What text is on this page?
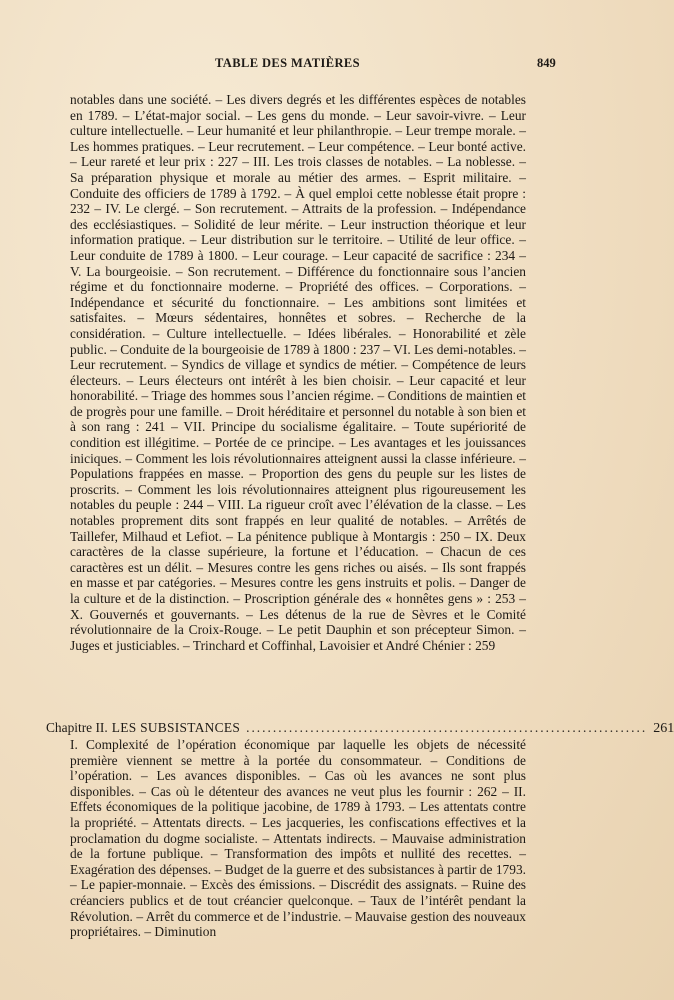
TABLE DES MATIÈRES	849
notables dans une société. – Les divers degrés et les différentes espèces de notables en 1789. – L’état-major social. – Les gens du monde. – Leur savoir-vivre. – Leur culture intellectuelle. – Leur humanité et leur philanthropie. – Leur trempe morale. – Les hommes pratiques. – Leur recrutement. – Leur compétence. – Leur bonté active. – Leur rareté et leur prix : 227 – III. Les trois classes de notables. – La noblesse. – Sa préparation physique et morale au métier des armes. – Esprit militaire. – Conduite des officiers de 1789 à 1792. – À quel emploi cette noblesse était propre : 232 – IV. Le clergé. – Son recrutement. – Attraits de la profession. – Indépendance des ecclésiastiques. – Solidité de leur mérite. – Leur instruction théorique et leur information pratique. – Leur distribution sur le territoire. – Utilité de leur office. – Leur conduite de 1789 à 1800. – Leur courage. – Leur capacité de sacrifice : 234 – V. La bourgeoisie. – Son recrutement. – Différence du fonctionnaire sous l’ancien régime et du fonctionnaire moderne. – Propriété des offices. – Corporations. – Indépendance et sécurité du fonctionnaire. – Les ambitions sont limitées et satisfaites. – Mœurs sédentaires, honnêtes et sobres. – Recherche de la considération. – Culture intellectuelle. – Idées libérales. – Honorabilité et zèle public. – Conduite de la bourgeoisie de 1789 à 1800 : 237 – VI. Les demi-notables. – Leur recrutement. – Syndics de village et syndics de métier. – Compétence de leurs électeurs. – Leurs électeurs ont intérêt à les bien choisir. – Leur capacité et leur honorabilité. – Triage des hommes sous l’ancien régime. – Conditions de maintien et de progrès pour une famille. – Droit héréditaire et personnel du notable à son bien et à son rang : 241 – VII. Principe du socialisme égalitaire. – Toute supériorité de condition est illégitime. – Portée de ce principe. – Les avantages et les jouissances iniciques. – Comment les lois révolutionnaires atteignent aussi la classe inférieure. – Populations frappées en masse. – Proportion des gens du peuple sur les listes de proscrits. – Comment les lois révolutionnaires atteignent plus rigoureusement les notables du peuple : 244 – VIII. La rigueur croît avec l’élévation de la classe. – Les notables proprement dits sont frappés en leur qualité de notables. – Arrêtés de Taillefer, Milhaud et Lefiot. – La pénitence publique à Montargis : 250 – IX. Deux caractères de la classe supérieure, la fortune et l’éducation. – Chacun de ces caractères est un délit. – Mesures contre les gens riches ou aisés. – Ils sont frappés en masse et par catégories. – Mesures contre les gens instruits et polis. – Danger de la culture et de la distinction. – Proscription générale des « honnêtes gens » : 253 – X. Gouvernés et gouvernants. – Les détenus de la rue de Sèvres et le Comité révolutionnaire de la Croix-Rouge. – Le petit Dauphin et son précepteur Simon. – Juges et justiciables. – Trinchard et Coffinhal, Lavoisier et André Chénier : 259
Chapitre II. LES SUBSISTANCES ........................................................................... 261
I. Complexité de l’opération économique par laquelle les objets de nécessité première viennent se mettre à la portée du consommateur. – Conditions de l’opération. – Les avances disponibles. – Cas où les avances ne sont plus disponibles. – Cas où le détenteur des avances ne veut plus les fournir : 262 – II. Effets économiques de la politique jacobine, de 1789 à 1793. – Les attentats contre la propriété. – Attentats directs. – Les jacqueries, les confiscations effectives et la proclamation du dogme socialiste. – Attentats indirects. – Mauvaise administration de la fortune publique. – Transformation des impôts et nullité des recettes. – Exagération des dépenses. – Budget de la guerre et des subsistances à partir de 1793. – Le papier-monnaie. – Excès des émissions. – Discrédit des assignats. – Ruine des créanciers publics et de tout créancier quelconque. – Taux de l’intérêt pendant la Révolution. – Arrêt du commerce et de l’industrie. – Mauvaise gestion des nouveaux propriétaires. – Diminution
